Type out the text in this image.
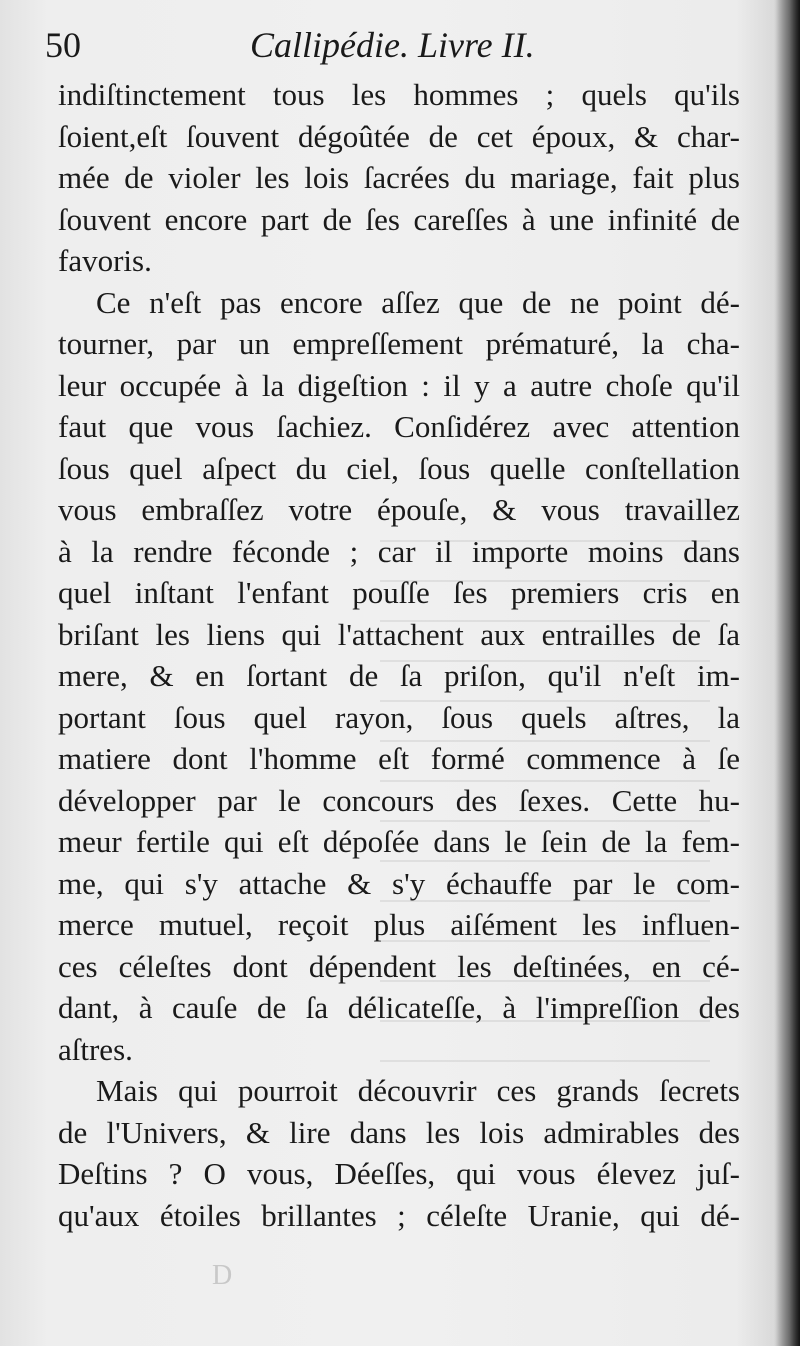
50	Callipédie. Livre II.
indiſtinctement tous les hommes ; quels qu'ils
ſoient,eſt ſouvent dégoûtée de cet époux, & char-
mée de violer les lois ſacrées du mariage, fait plus
ſouvent encore part de ſes careſſes à une infinité de
favoris.
Ce n'eſt pas encore aſſez que de ne point dé-
tourner, par un empreſſement prématuré, la cha-
leur occupée à la digeſtion : il y a autre choſe qu'il
faut que vous ſachiez. Conſidérez avec attention
ſous quel aſpect du ciel, ſous quelle conſtellation
vous embraſſez votre épouſe, & vous travaillez
à la rendre féconde ; car il importe moins dans
quel inſtant l'enfant pouſſe ſes premiers cris en
briſant les liens qui l'attachent aux entrailles de ſa
mere, & en ſortant de ſa priſon, qu'il n'eſt im-
portant ſous quel rayon, ſous quels aſtres, la
matiere dont l'homme eſt formé commence à ſe
développer par le concours des ſexes. Cette hu-
meur fertile qui eſt dépoſée dans le ſein de la fem-
me, qui s'y attache & s'y échauffe par le com-
merce mutuel, reçoit plus aiſément les influen-
ces céleſtes dont dépendent les deſtinées, en cé-
dant, à cauſe de ſa délicateſſe, à l'impreſſion des
aſtres.
Mais qui pourroit découvrir ces grands ſecrets
de l'Univers, & lire dans les lois admirables des
Deſtins ? O vous, Déeſſes, qui vous élevez juſ-
qu'aux étoiles brillantes ; céleſte Uranie, qui dé-
D
